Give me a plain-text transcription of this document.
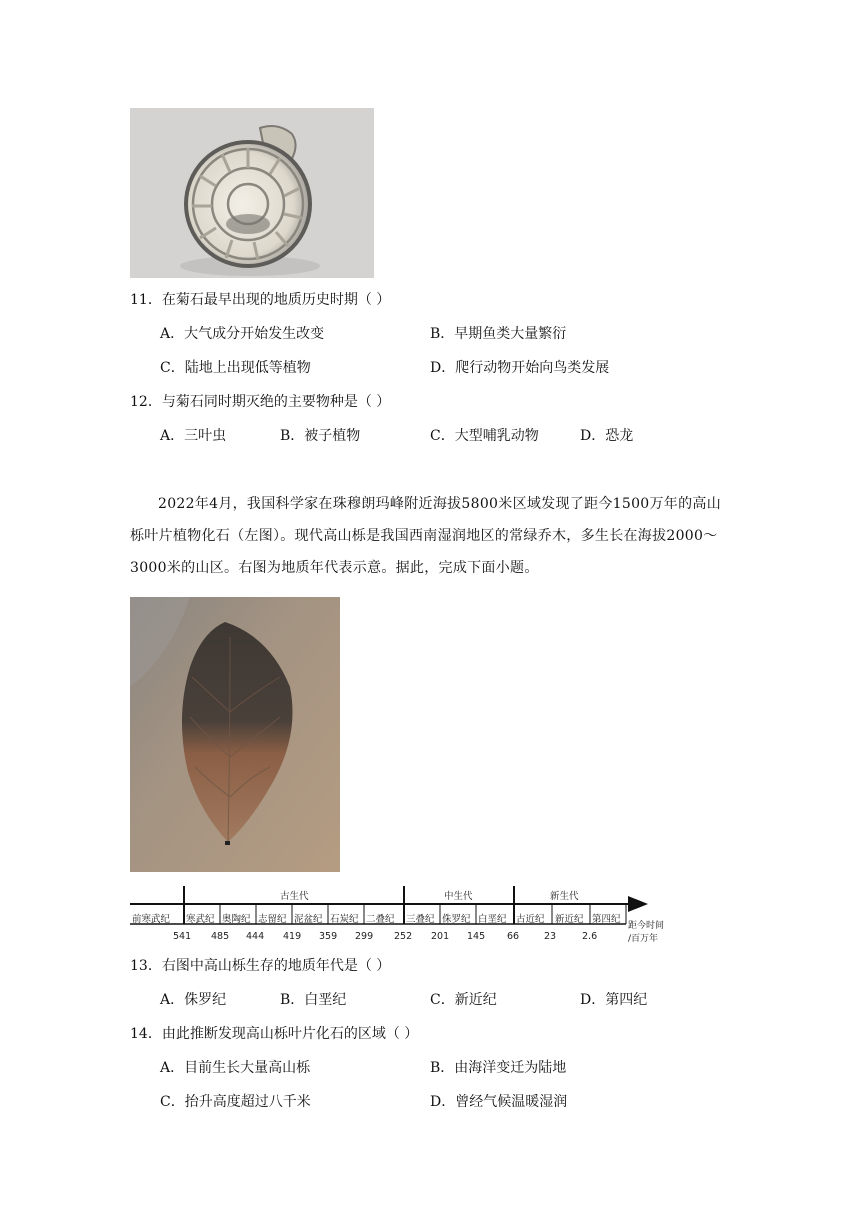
11．在菊石最早出现的地质历史时期（ ）
A．大气成分开始发生改变	B．早期鱼类大量繁衍
C．陆地上出现低等植物	D．爬行动物开始向鸟类发展
12．与菊石同时期灭绝的主要物种是（ ）
A．三叶虫	B．被子植物	C．大型哺乳动物	D．恐龙
2022年4月，我国科学家在珠穆朗玛峰附近海拔5800米区域发现了距今1500万年的高山栎叶片植物化石（左图）。现代高山栎是我国西南湿润地区的常绿乔木，多生长在海拔2000～3000米的山区。右图为地质年代表示意。据此，完成下面小题。
古生代	中生代	新生代
前寒武纪 寒武纪 奥陶纪 志留纪 泥盆纪 石炭纪 二叠纪 三叠纪 侏罗纪 白垩纪 古近纪 新近纪 第四纪
541 485 444 419 359 299 252 201 145 66	23	2.6
距今时间
/百万年
13．右图中高山栎生存的地质年代是（ ）
A．侏罗纪	B．白垩纪	C．新近纪	D．第四纪
14．由此推断发现高山栎叶片化石的区域（ ）
A．目前生长大量高山栎	B．由海洋变迁为陆地
C．抬升高度超过八千米	D．曾经气候温暖湿润
